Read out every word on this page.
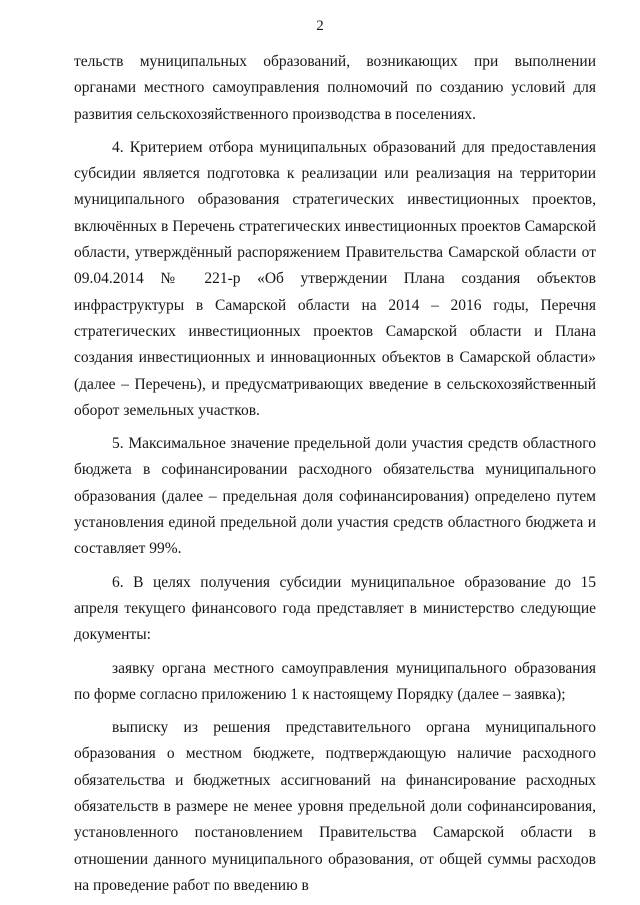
2

тельств муниципальных образований, возникающих при выполнении органами местного самоуправления полномочий по созданию условий для развития сельскохозяйственного производства в поселениях.

4. Критерием отбора муниципальных образований для предоставления субсидии является подготовка к реализации или реализация на территории муниципального образования стратегических инвестиционных проектов, включённых в Перечень стратегических инвестиционных проектов Самарской области, утверждённый распоряжением Правительства Самарской области от 09.04.2014 № 221-р «Об утверждении Плана создания объектов инфраструктуры в Самарской области на 2014 – 2016 годы, Перечня стратегических инвестиционных проектов Самарской области и Плана создания инвестиционных и инновационных объектов в Самарской области» (далее – Перечень), и предусматривающих введение в сельскохозяйственный оборот земельных участков.

5. Максимальное значение предельной доли участия средств областного бюджета в софинансировании расходного обязательства муниципального образования (далее – предельная доля софинансирования) определено путем установления единой предельной доли участия средств областного бюджета и составляет 99%.

6. В целях получения субсидии муниципальное образование до 15 апреля текущего финансового года представляет в министерство следующие документы:

заявку органа местного самоуправления муниципального образования по форме согласно приложению 1 к настоящему Порядку (далее – заявка);

выписку из решения представительного органа муниципального образования о местном бюджете, подтверждающую наличие расходного обязательства и бюджетных ассигнований на финансирование расходных обязательств в размере не менее уровня предельной доли софинансирования, установленного постановлением Правительства Самарской области в отношении данного муниципального образования, от общей суммы расходов на проведение работ по введению в
